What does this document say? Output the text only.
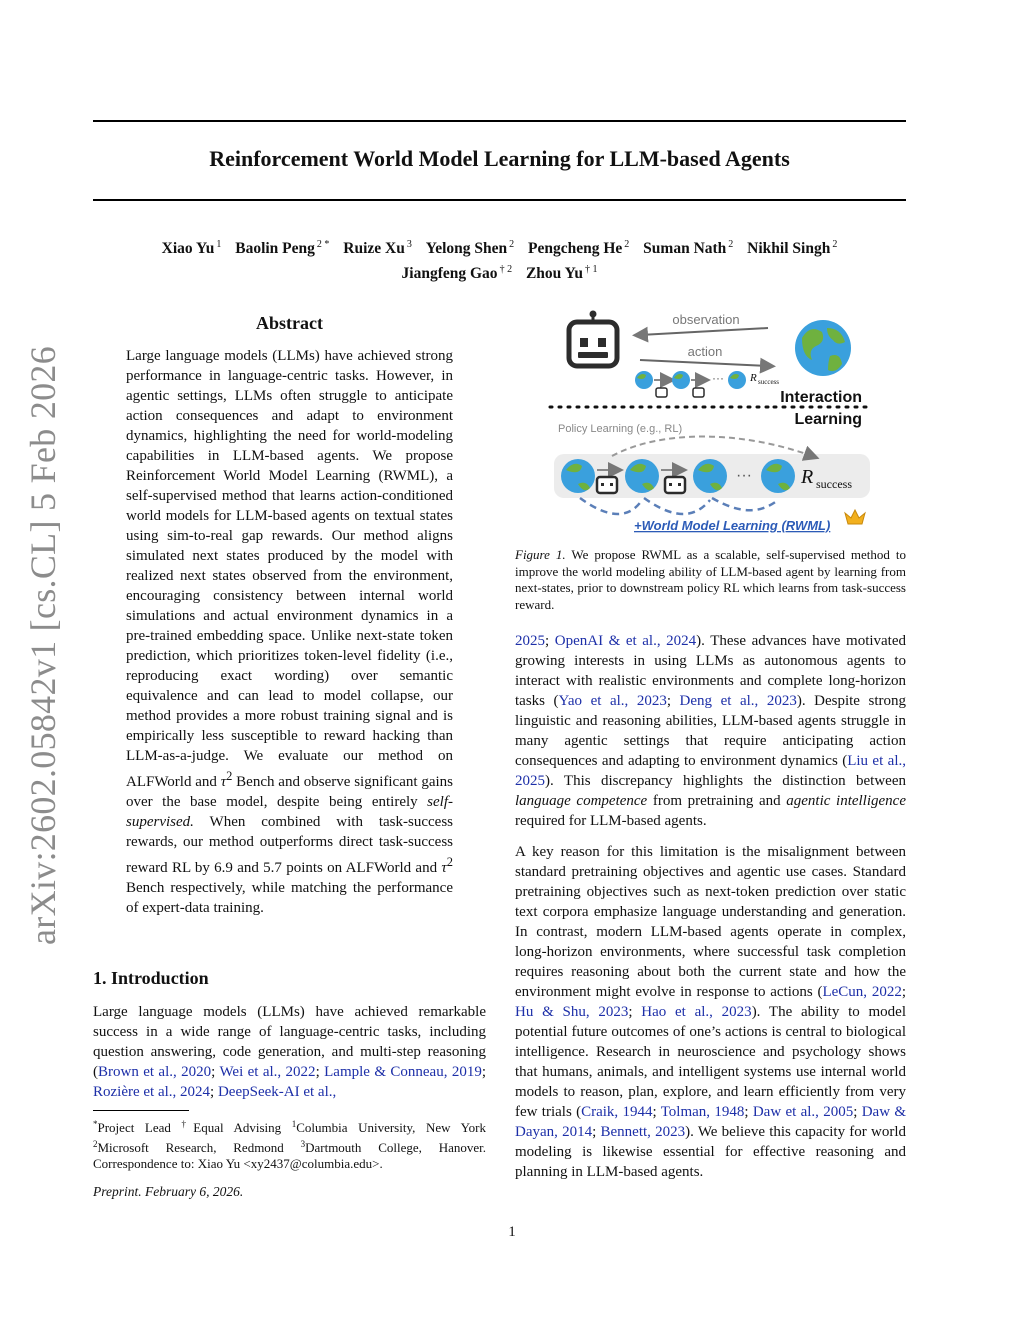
arXiv:2602.05842v1 [cs.CL] 5 Feb 2026
Reinforcement World Model Learning for LLM-based Agents
Xiao Yu $^1$ Baolin Peng $^{2 *}$ Ruize Xu $^3$ Yelong Shen $^2$ Pengcheng He $^2$ Suman Nath $^2$ Nikhil Singh $^2$
Jiangfeng Gao $^{\dagger 2}$ Zhou Yu $^{\dagger 1}$
Abstract

Large language models (LLMs) have achieved strong performance in language-centric tasks. However, in agentic settings, LLMs often struggle to anticipate action consequences and adapt to environment dynamics, highlighting the need for world-modeling capabilities in LLM-based agents. We propose Reinforcement World Model Learning (RWML), a self-supervised method that learns action-conditioned world models for LLM-based agents on textual states using sim-to-real gap rewards. Our method aligns simulated next states produced by the model with realized next states observed from the environment, encouraging consistency between internal world simulations and actual environment dynamics in a pre-trained embedding space. Unlike next-state token prediction, which prioritizes token-level fidelity (i.e., reproducing exact wording) over semantic equivalence and can lead to model collapse, our method provides a more robust training signal and is empirically less susceptible to reward hacking than LLM-as-a-judge. We evaluate our method on ALFWorld and $\tau^2$ Bench and observe significant gains over the base model, despite being entirely self-supervised. When combined with task-success rewards, our method outperforms direct task-success reward RL by 6.9 and 5.7 points on ALFWorld and $\tau^2$ Bench respectively, while matching the performance of expert-data training.

1. Introduction

Large language models (LLMs) have achieved remarkable success in a wide range of language-centric tasks, including question answering, code generation, and multi-step reasoning (Brown et al., 2020; Wei et al., 2022; Lample & Conneau, 2019; Rozière et al., 2024; DeepSeek-AI et al.,

*Project Lead †Equal Advising $^1$Columbia University, New York $^2$Microsoft Research, Redmond $^3$Dartmouth College, Hanover. Correspondence to: Xiao Yu <xy2437@columbia.edu>.

Preprint. February 6, 2026.

observation
action
··· R success
Interaction
Learning
Policy Learning (e.g., RL)
··· R success
+World Model Learning (RWML)

Figure 1. We propose RWML as a scalable, self-supervised method to improve the world modeling ability of LLM-based agent by learning from next-states, prior to downstream policy RL which learns from task-success reward.

2025; OpenAI & et al., 2024). These advances have motivated growing interests in using LLMs as autonomous agents to interact with realistic environments and complete long-horizon tasks (Yao et al., 2023; Deng et al., 2023). Despite strong linguistic and reasoning abilities, LLM-based agents struggle in many agentic settings that require anticipating action consequences and adapting to environment dynamics (Liu et al., 2025). This discrepancy highlights the distinction between language competence from pretraining and agentic intelligence required for LLM-based agents.

A key reason for this limitation is the misalignment between standard pretraining objectives and agentic use cases. Standard pretraining objectives such as next-token prediction over static text corpora emphasize language understanding and generation. In contrast, modern LLM-based agents operate in complex, long-horizon environments, where successful task completion requires reasoning about both the current state and how the environment might evolve in response to actions (LeCun, 2022; Hu & Shu, 2023; Hao et al., 2023). The ability to model potential future outcomes of one’s actions is central to biological intelligence. Research in neuroscience and psychology shows that humans, animals, and intelligent systems use internal world models to reason, plan, explore, and learn efficiently from very few trials (Craik, 1944; Tolman, 1948; Daw et al., 2005; Daw & Dayan, 2014; Bennett, 2023). We believe this capacity for world modeling is likewise essential for effective reasoning and planning in LLM-based agents.

1
